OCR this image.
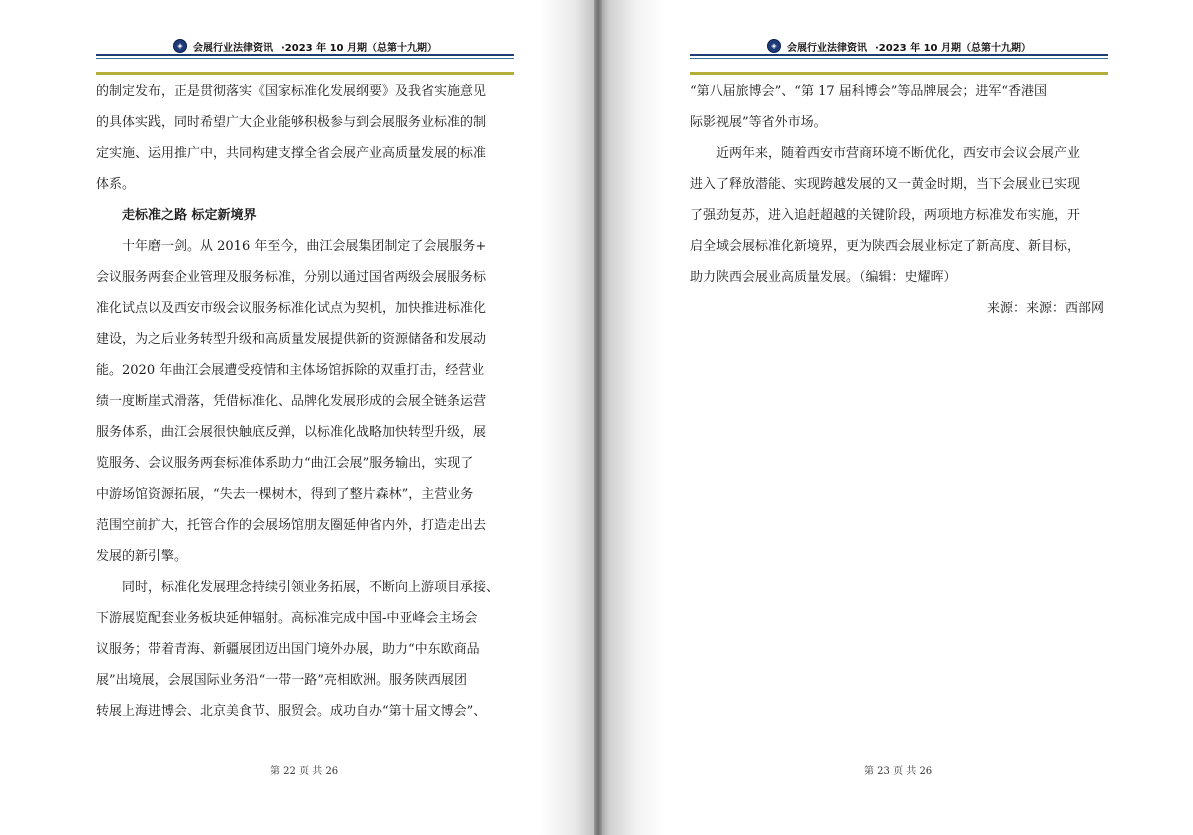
◈ 会展行业法律资讯 ·2023 年 10 月期（总第十九期）
的制定发布，正是贯彻落实《国家标准化发展纲要》及我省实施意见
的具体实践，同时希望广大企业能够积极参与到会展服务业标准的制
定实施、运用推广中，共同构建支撑全省会展产业高质量发展的标准
体系。
走标准之路 标定新境界
十年磨一剑。从 2016 年至今，曲江会展集团制定了会展服务+
会议服务两套企业管理及服务标准，分别以通过国省两级会展服务标
准化试点以及西安市级会议服务标准化试点为契机，加快推进标准化
建设，为之后业务转型升级和高质量发展提供新的资源储备和发展动
能。2020 年曲江会展遭受疫情和主体场馆拆除的双重打击，经营业
绩一度断崖式滑落，凭借标准化、品牌化发展形成的会展全链条运营
服务体系，曲江会展很快触底反弹，以标准化战略加快转型升级，展
览服务、会议服务两套标准体系助力“曲江会展”服务输出，实现了
中游场馆资源拓展，“失去一棵树木，得到了整片森林”，主营业务
范围空前扩大，托管合作的会展场馆朋友圈延伸省内外，打造走出去
发展的新引擎。
同时，标准化发展理念持续引领业务拓展，不断向上游项目承接、
下游展览配套业务板块延伸辐射。高标准完成中国-中亚峰会主场会
议服务；带着青海、新疆展团迈出国门境外办展，助力“中东欧商品
展”出境展，会展国际业务沿“一带一路”亮相欧洲。服务陕西展团
转展上海进博会、北京美食节、服贸会。成功自办“第十届文博会”、
第 22 页 共 26
◈ 会展行业法律资讯 ·2023 年 10 月期（总第十九期）
“第八届旅博会”、“第 17 届科博会”等品牌展会；进军“香港国
际影视展”等省外市场。
近两年来，随着西安市营商环境不断优化，西安市会议会展产业
进入了释放潜能、实现跨越发展的又一黄金时期，当下会展业已实现
了强劲复苏，进入追赶超越的关键阶段，两项地方标准发布实施，开
启全域会展标准化新境界，更为陕西会展业标定了新高度、新目标，
助力陕西会展业高质量发展。（编辑：史耀晖）
来源：来源：西部网
第 23 页 共 26
